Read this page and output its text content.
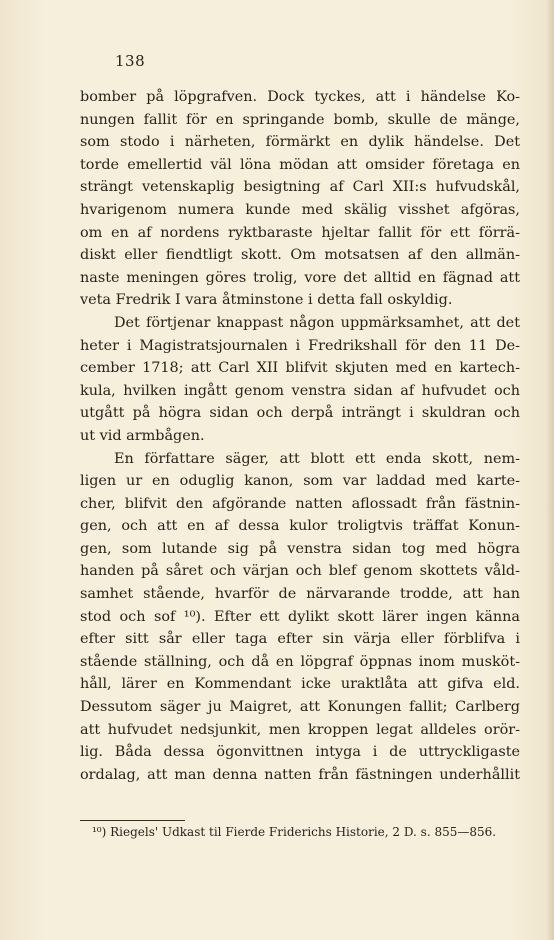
138
bomber på löpgrafven. Dock tyckes, att i händelse Ko-
nungen fallit för en springande bomb, skulle de mänge,
som stodo i närheten, förmärkt en dylik händelse. Det
torde emellertid väl löna mödan att omsider företaga en
strängt vetenskaplig besigtning af Carl XII:s hufvudskål,
hvarigenom numera kunde med skälig visshet afgöras,
om en af nordens ryktbaraste hjeltar fallit för ett förrä-
diskt eller fiendtligt skott. Om motsatsen af den allmän-
naste meningen göres trolig, vore det alltid en fägnad att
veta Fredrik I vara åtminstone i detta fall oskyldig.
Det förtjenar knappast någon uppmärksamhet, att det
heter i Magistratsjournalen i Fredrikshall för den 11 De-
cember 1718; att Carl XII blifvit skjuten med en kartech-
kula, hvilken ingått genom venstra sidan af hufvudet och
utgått på högra sidan och derpå inträngt i skuldran och
ut vid armbågen.
En författare säger, att blott ett enda skott, nem-
ligen ur en oduglig kanon, som var laddad med karte-
cher, blifvit den afgörande natten aflossadt från fästnin-
gen, och att en af dessa kulor troligtvis träffat Konun-
gen, som lutande sig på venstra sidan tog med högra
handen på såret och värjan och blef genom skottets våld-
samhet stående, hvarför de närvarande trodde, att han
stod och sof ¹⁰). Efter ett dylikt skott lärer ingen känna
efter sitt sår eller taga efter sin värja eller förblifva i
stående ställning, och då en löpgraf öppnas inom musköt-
håll, lärer en Kommendant icke uraktlåta att gifva eld.
Dessutom säger ju Maigret, att Konungen fallit; Carlberg
att hufvudet nedsjunkit, men kroppen legat alldeles orör-
lig. Båda dessa ögonvittnen intyga i de uttryckligaste
ordalag, att man denna natten från fästningen underhållit
¹⁰) Riegels' Udkast til Fierde Friderichs Historie, 2 D. s. 855—856.
